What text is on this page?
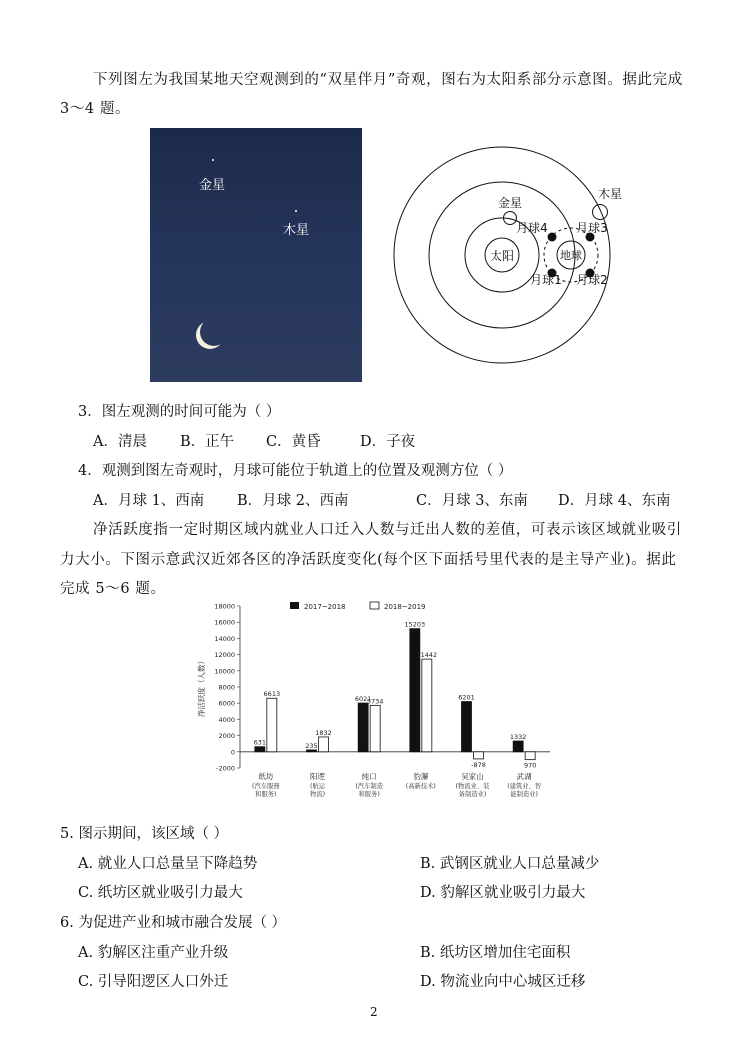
下列图左为我国某地天空观测到的“双星伴月”奇观，图右为太阳系部分示意图。据此完成
3～4 题。
金星
木星
太阳	地球
金星
木星
月球4 月球3
月球1 月球2
3．图左观测的时间可能为（ ）
A．清晨 B．正午 C．黄昏	D．子夜
4．观测到图左奇观时，月球可能位于轨道上的位置及观测方位（ ）
A．月球 1、西南 B．月球 2、西南	C．月球 3、东南 D．月球 4、东南
净活跃度指一定时期区域内就业人口迁入人数与迁出人数的差值，可表示该区域就业吸引
力大小。下图示意武汉近郊各区的净活跃度变化(每个区下面括号里代表的是主导产业)。据此
完成 5～6 题。
18000
16000
14000
12000
10000
8000
6000
4000
2000
0
-2000
净活跃度（人数）
2017~2018	2018~2019
631
6613
纸坊
(汽车服務
和服务)
235
1832
阳逻
(航运
物流)
6021
5734
纯口
(汽车制造
和服务)
15203
11442
豹澥
(高新技术)
6201
-878
吴家山
(物流业、装
备制造业)
1332
970
武湖
(建筑业、智
能制造业)
5. 图示期间，该区域（ ）
A. 就业人口总量呈下降趋势	B. 武钢区就业人口总量减少
C. 纸坊区就业吸引力最大	D. 豹解区就业吸引力最大
6. 为促进产业和城市融合发展（ ）
A. 豹解区注重产业升级	B. 纸坊区增加住宅面积
C. 引导阳逻区人口外迁	D. 物流业向中心城区迁移
2
